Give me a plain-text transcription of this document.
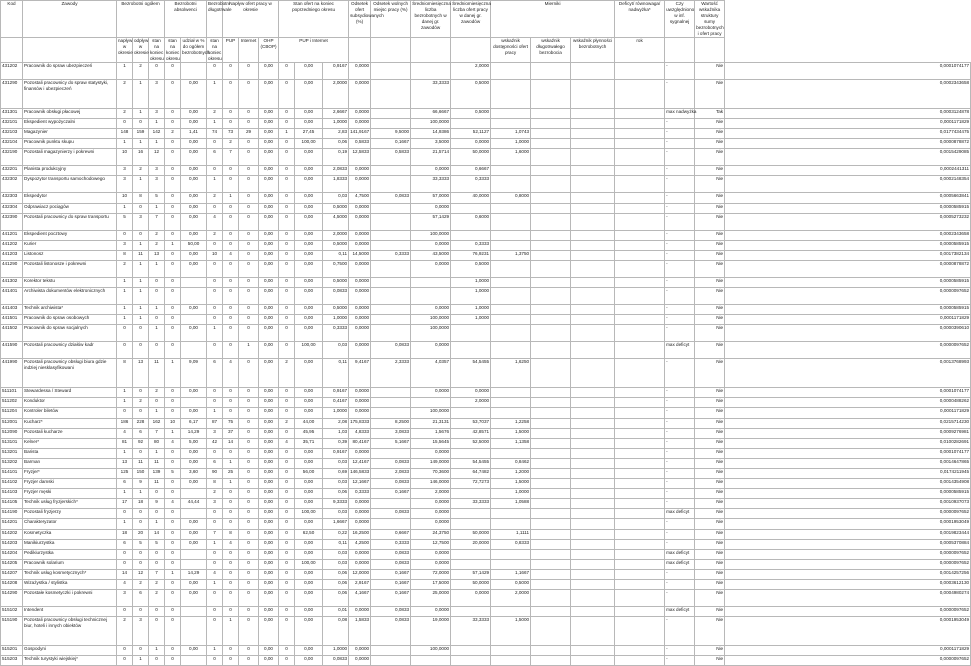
Kod	Zawody	Bezrobotni ogółem			Bezrobotni absolwenci		Bezrobotni długotrwale	Napływ ofert pracy w okresie			Stan ofert na koniec poprzedniego okresu			Odsetek ofert subsydiowanych (%)	Odsetek wolnych miejsc pracy (%)	Średniomiesięczna liczba bezrobotnych w danej gr. zawodów	Średniomiesięczna liczba ofert pracy w danej gr. zawodów	Mierniki			Deficyt/ równowaga/ nadwyżka*	Czy uwzględniono w inf. sygnalnej	Wartość wskaźnika struktury sumy bezrobotnych i ofert pracy	
		napływ w okresie	odpływ w okresie	stan na koniec okresu	stan na koniec okresu	udział w % do ogółem bezrobotnych	stan na koniec okresu	PUP	Internet	OHP (CBOP)	PUP i Internet							wskaźnik dostępności ofert pracy	wskaźnik długotrwałego bezrobocia	wskaźnik płynności bezrobotnych	rok			
431202	Pracownik do spraw ubezpieczeń	1	2	0	0		0	0	0	0,00	0	0,00	0,9167	0,0000			2,0000					-	Nie	0,0001074177
431290	Pozostali pracownicy do spraw statystyki, finansów i ubezpieczeń	2	1	3	0	0,00	1	0	0	0,00	0	0,00	2,0000	0,0000		33,3333	0,5000					-	Nie	0,0002343658
431301	Pracownik obsługi płacowej	2	1	3	0	0,00	2	0	0	0,00	0	0,00	2,6667	0,0000		66,6667	0,5000					max nadwyżka	Tak	0,0003124878
432101	Ekspedient wypożyczalni	0	0	1	0	0,00	1	0	0	0,00	0	0,00	1,0000	0,0000		100,0000						-	Nie	0,0001171829
432103	Magazynier	148	159	142	2	1,41	74	73	29	0,00	1	27,45	2,83	141,9167	9,5000	14,9386	52,1127	1,0743				-	Nie	0,0177434475
432104	Pracownik punktu skupu	1	1	1	0	0,00	0	2	0	0,00	0	100,00	0,06	0,5833	0,1667	3,5000	0,0000	1,0000				-	Nie	0,0000878872
432190	Pozostali magazynierzy i pokrewni	10	16	12	0	0,00	6	7	0	0,00	0	0,00	0,19	12,5833	0,5833	21,5714	50,0000	1,6000				-	Nie	0,0015429085
432201	Planista produkcyjny	3	2	3	0	0,00	0	0	0	0,00	0	0,00	2,0833	0,0000		0,0000	0,6667					-	Nie	0,0002441311
432302	Dyspozytor transportu samochodowego	3	1	3	0	0,00	1	0	0	0,00	0	0,00	1,8333	0,0000		33,3333	0,3333					-	Nie	0,0002148354
432303	Ekspedytor	10	8	5	0	0,00	2	1	0	0,00	0	0,00	0,03	4,7500	0,0833	57,0000	40,0000	0,8000				-	Nie	0,0005663841
432304	Odprawiacz pociągów	1	0	1	0	0,00	0	0	0	0,00	0	0,00	0,5000	0,0000		0,0000						-	Nie	0,0000585915
432390	Pozostali pracownicy do spraw transportu	5	3	7	0	0,00	4	0	0	0,00	0	0,00	4,5000	0,0000		57,1429	0,6000					-	Nie	0,0005273232
441201	Ekspedient pocztowy	0	0	2	0	0,00	2	0	0	0,00	0	0,00	2,0000	0,0000		100,0000						-	Nie	0,0002343658
441202	Kurier	3	1	2	1	50,00	0	0	0	0,00	0	0,00	0,5000	0,0000		0,0000	0,3333					-	Nie	0,0000585915
441203	Listonosz	8	11	13	0	0,00	10	4	0	0,00	0	0,00	0,11	14,5000	0,3333	43,5000	76,9231	1,3750				-	Nie	0,0017382134
441290	Pozostali listonosze i pokrewni	2	1	1	0	0,00	0	0	0	0,00	0	0,00	0,7500	0,0000		0,0000	0,5000					-	Nie	0,0000878872
441302	Korektor tekstu	1	1	0	0		0	0	0	0,00	0	0,00	0,5000	0,0000			1,0000					-	Nie	0,0000585915
441401	Archiwista dokumentów elektronicznych	1	1	0	0		0	0	0	0,00	0	0,00	0,0833	0,0000			1,0000					-	Nie	0,0000097652
441403	Technik archiwista*	1	1	1	0	0,00	0	0	0	0,00	0	0,00	0,5000	0,0000		0,0000	1,0000					-	Nie	0,0000585915
441501	Pracownik do spraw osobowych	1	1	0	0		0	0	0	0,00	0	0,00	1,0000	0,0000		100,0000	1,0000					-	Nie	0,0001171829
441502	Pracownik do spraw socjalnych	0	0	1	0	0,00	1	0	0	0,00	0	0,00	0,3333	0,0000		100,0000						-	Nie	0,0000390610
441590	Pozostali pracownicy działów kadr	0	0	0	0		0	0	1	0,00	0	100,00	0,03	0,0000	0,0833	0,0000						max deficyt	Nie	0,0000097652
441990	Pozostali pracownicy obsługi biura gdzie indziej niesklasyfikowani	8	13	11	1	9,09	6	4	0	0,00	2	0,00	0,11	9,4167	2,3333	4,0357	54,5455	1,6250				-	Nie	0,0013768993
511101	Stewardessa / Steward	1	0	2	0	0,00	0	0	0	0,00	0	0,00	0,9167	0,0000		0,0000	0,0000					-	Nie	0,0001074177
511202	Konduktor	1	2	0	0		0	0	0	0,00	0	0,00	0,4167	0,0000			2,0000					-	Nie	0,0000488262
511204	Kontroler biletów	0	0	1	0	0,00	1	0	0	0,00	0	0,00	1,0000	0,0000		100,0000						-	Nie	0,0001171829
512001	Kucharz*	186	228	162	10	6,17	87	75	0	0,00	2	44,00	2,08	175,8333	8,2500	21,3131	53,7037	1,2258				-	Nie	0,0215714230
512090	Pozostali kucharze	4	6	7	1	14,29	3	37	0	0,00	0	45,95	1,03	4,8333	3,0833	1,5676	42,8571	1,5000				-	Nie	0,0009276981
513101	Kelner*	81	92	80	4	5,00	42	14	0	0,00	4	35,71	0,39	80,4167	5,1667	15,5645	52,5000	1,1358				-	Nie	0,0100282691
513201	Barista	1	0	1	0	0,00	0	0	0	0,00	0	0,00	0,9167	0,0000		0,0000						-	Nie	0,0001074177
513202	Barman	13	11	11	0	0,00	6	1	0	0,00	0	0,00	0,03	12,4167	0,0833	149,0000	54,5455	0,8462				-	Nie	0,0014647865
514101	Fryzjer*	125	150	139	5	3,60	90	25	0	0,00	0	56,00	0,69	146,5833	2,0833	70,3600	64,7482	1,2000				-	Nie	0,0174211945
514102	Fryzjer damski	6	9	11	0	0,00	8	1	0	0,00	0	0,00	0,03	12,1667	0,0833	146,0000	72,7273	1,5000				-	Nie	0,0014354908
514103	Fryzjer męski	1	1	0	0		2	0	0	0,00	0	0,00	0,06	0,3333	0,1667	2,0000		1,0000				-	Nie	0,0000585915
514105	Technik usług fryzjerskich*	17	18	9	4	44,44	3	0	0	0,00	0	0,00	9,3333	0,0000		0,0000	33,3333	1,0588				-	Nie	0,0010937073
514190	Pozostali fryzjerzy	0	0	0	0		0	0	0	0,00	0	100,00	0,03	0,0000	0,0833	0,0000						max deficyt	Nie	0,0000097652
514201	Charakteryzator	1	0	1	0	0,00	0	0	0	0,00	0	0,00	1,6667	0,0000		0,0000						-	Nie	0,0001953049
514202	Kosmetyczka	18	20	14	0	0,00	7	8	0	0,00	0	62,50	0,22	16,2500	0,6667	24,3750	50,0000	1,1111				-	Nie	0,0019823444
514203	Manikiurzystka	6	5	5	0	0,00	1	4	0	0,00	0	0,00	0,11	4,2500	0,3333	12,7500	20,0000	0,8333				-	Nie	0,0005370884
514204	Pedikiurzystka	0	0	0	0		0	0	0	0,00	0	0,00	0,03	0,0000	0,0833	0,0000						max deficyt	Nie	0,0000097652
514205	Pracownik solarium	0	0	0	0		0	0	0	0,00	0	100,00	0,03	0,0000	0,0833	0,0000						max deficyt	Nie	0,0000097652
514207	Technik usług kosmetycznych*	14	12	7	1	14,29	4	0	0	0,00	0	0,00	0,06	12,0000	0,1667	72,0000	57,1429	1,1667				-	Nie	0,0014257256
514208	Wizażystka / stylistka	4	2	2	0	0,00	1	0	0	0,00	0	0,00	0,06	2,9167	0,1667	17,5000	50,0000	0,5000				-	Nie	0,0003612130
514290	Pozostałe kosmetyczki i pokrewni	3	6	2	0	0,00	0	0	0	0,00	0	0,00	0,06	4,1667	0,1667	25,0000	0,0000	2,0000				-	Nie	0,0004980274
515102	Intendent	0	0	0	0		0	0	0	0,00	0	0,00	0,01	0,0000	0,0833	0,0000						max deficyt	Nie	0,0000097652
515190	Pozostali pracownicy obsługi technicznej biur, hoteli i innych obiektów	2	3	0	0		0	1	0	0,00	0	0,00	0,08	1,5833	0,0833	19,0000	33,3333	1,5000				-	Nie	0,0001953049
515201	Gospodyni	0	0	1	0	0,00	1	0	0	0,00	0	0,00	1,0000	0,0000		100,0000						-	Nie	0,0001171829
515203	Technik turystyki wiejskiej*	0	1	0	0		0	0	0	0,00	0	0,00	0,0833	0,0000								-	Nie	0,0000097652
